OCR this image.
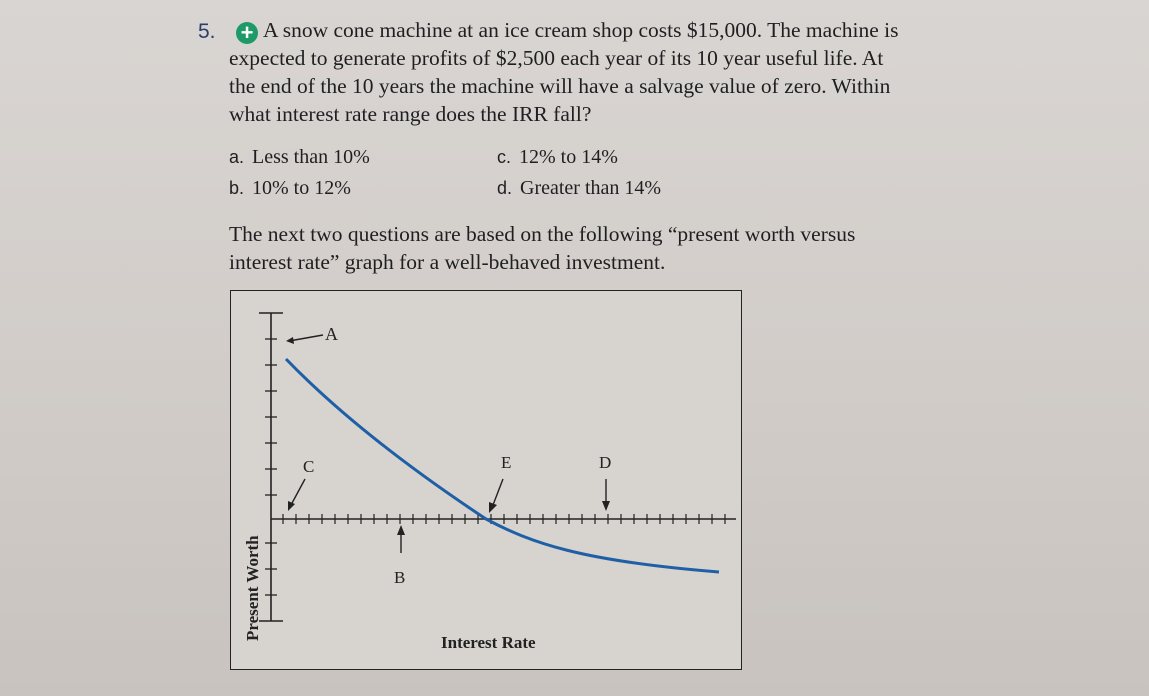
5. + A snow cone machine at an ice cream shop costs $15,000. The machine is
expected to generate profits of $2,500 each year of its 10 year useful life. At
the end of the 10 years the machine will have a salvage value of zero. Within
what interest rate range does the IRR fall?
a. Less than 10%
b. 10% to 12%
c. 12% to 14%
d. Greater than 14%
The next two questions are based on the following “present worth versus
interest rate” graph for a well-behaved investment.
Present Worth
A
C
B
E	D
Interest Rate
